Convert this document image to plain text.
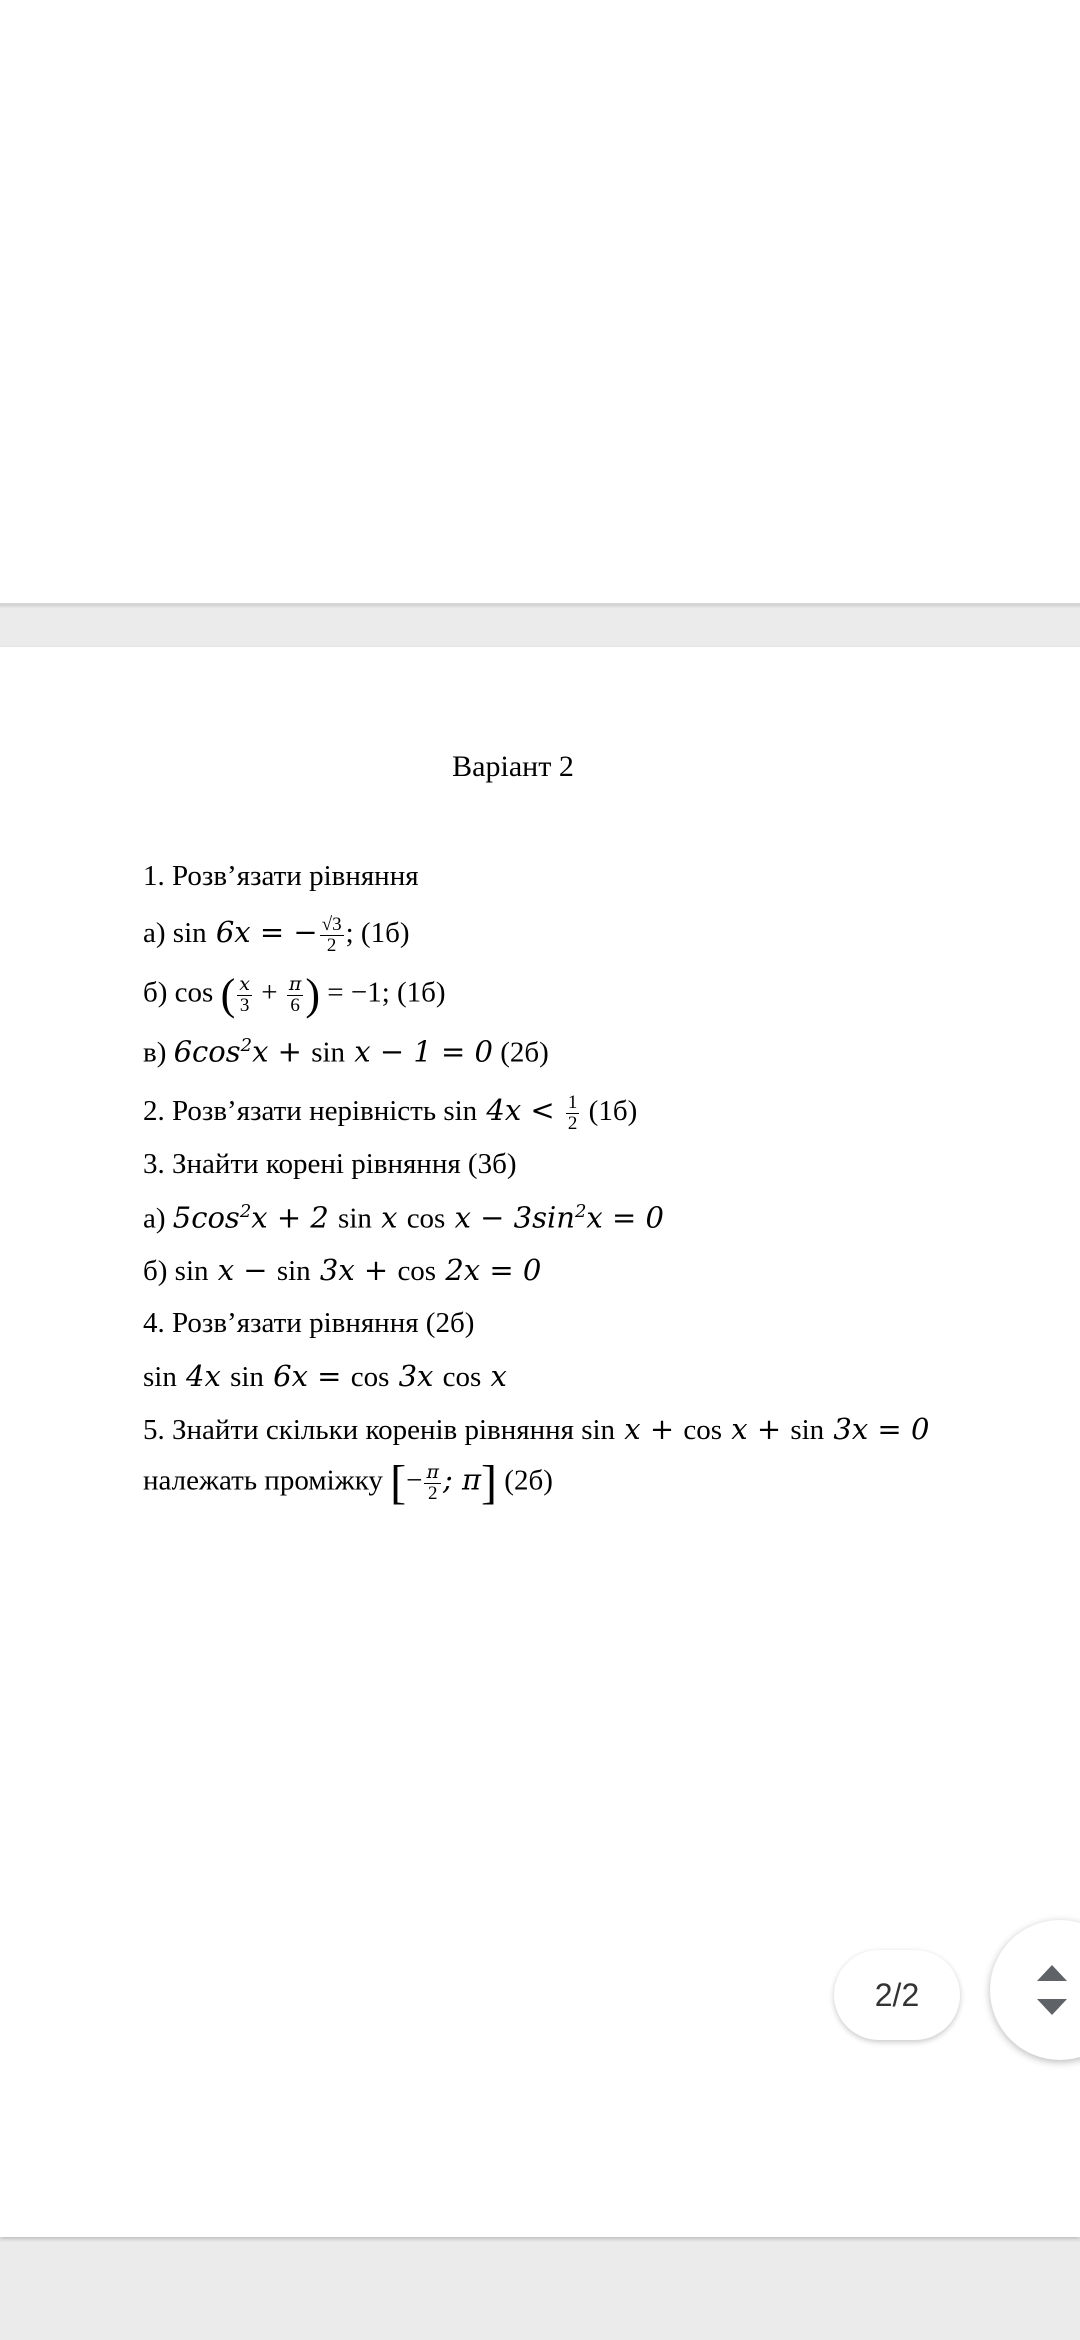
Варіант 2
1. Розв’язати рівняння
а) sin 6x = − $\frac{√3}{2}$ ; (1б)
б) cos ( $\frac{x}{3} + \frac{\pi}{6}$ ) = −1; (1б)
в) $6\cos^2x + \sin x - 1 = 0$ (2б)
2. Розв’язати нерівність $\sin 4x < \frac{1}{2} (1б)$
3. Знайти корені рівняння (3б)
а) $5\cos^2x + 2$ sin x $\cos x - 3\sin^2x = 0$
б) sin x − sin 3x + cos 2x = 0
4. Розв’язати рівняння (2б)
sin 4x sin 6x = cos 3x cos x
5. Знайти скільки коренів рівняння sin x + cos x + sin 3x = 0
належать проміжку [− $\frac{\pi}{2}$ ; π] (2б)
2/2
